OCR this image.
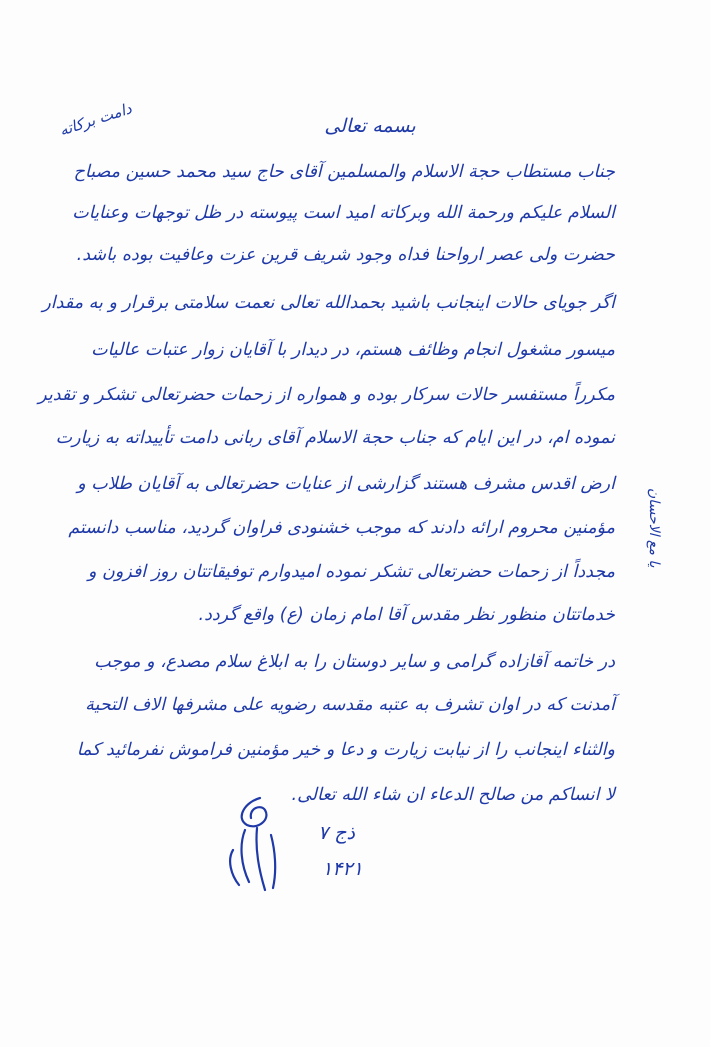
بسمه تعالی
دامت برکاته
جناب مستطاب حجة الاسلام والمسلمین آقای حاج سید محمد حسین مصباح
السلام علیکم ورحمة الله وبرکاته امید است پیوسته در ظل توجهات وعنایات
حضرت ولی عصر ارواحنا فداه وجود شریف قرین عزت وعافیت بوده باشد.
اگر جویای حالات اینجانب باشید بحمدالله تعالی نعمت سلامتی برقرار و به مقدار
میسور مشغول انجام وظائف هستم، در دیدار با آقایان زوار عتبات عالیات
مکرراً مستفسر حالات سرکار بوده و همواره از زحمات حضرتعالی تشکر و تقدیر
نموده ام، در این ایام که جناب حجة الاسلام آقای ربانی دامت تأییداته به زیارت
ارض اقدس مشرف هستند گزارشی از عنایات حضرتعالی به آقایان طلاب و
مؤمنین محروم ارائه دادند که موجب خشنودی فراوان گردید، مناسب دانستم
مجدداً از زحمات حضرتعالی تشکر نموده امیدوارم توفیقاتتان روز افزون و
خدماتتان منظور نظر مقدس آقا امام زمان (ع) واقع گردد.
در خاتمه آقازاده گرامی و سایر دوستان را به ابلاغ سلام مصدع، و موجب
آمدنت که در اوان تشرف به عتبه مقدسه رضویه علی مشرفها الاف التحیة
والثناء اینجانب را از نیابت زیارت و دعا و خیر مؤمنین فراموش نفرمائید کما
لا انساکم من صالح الدعاء ان شاء الله تعالی.
یا مع الاحسان
۷ ذج
۱۴۲۱
